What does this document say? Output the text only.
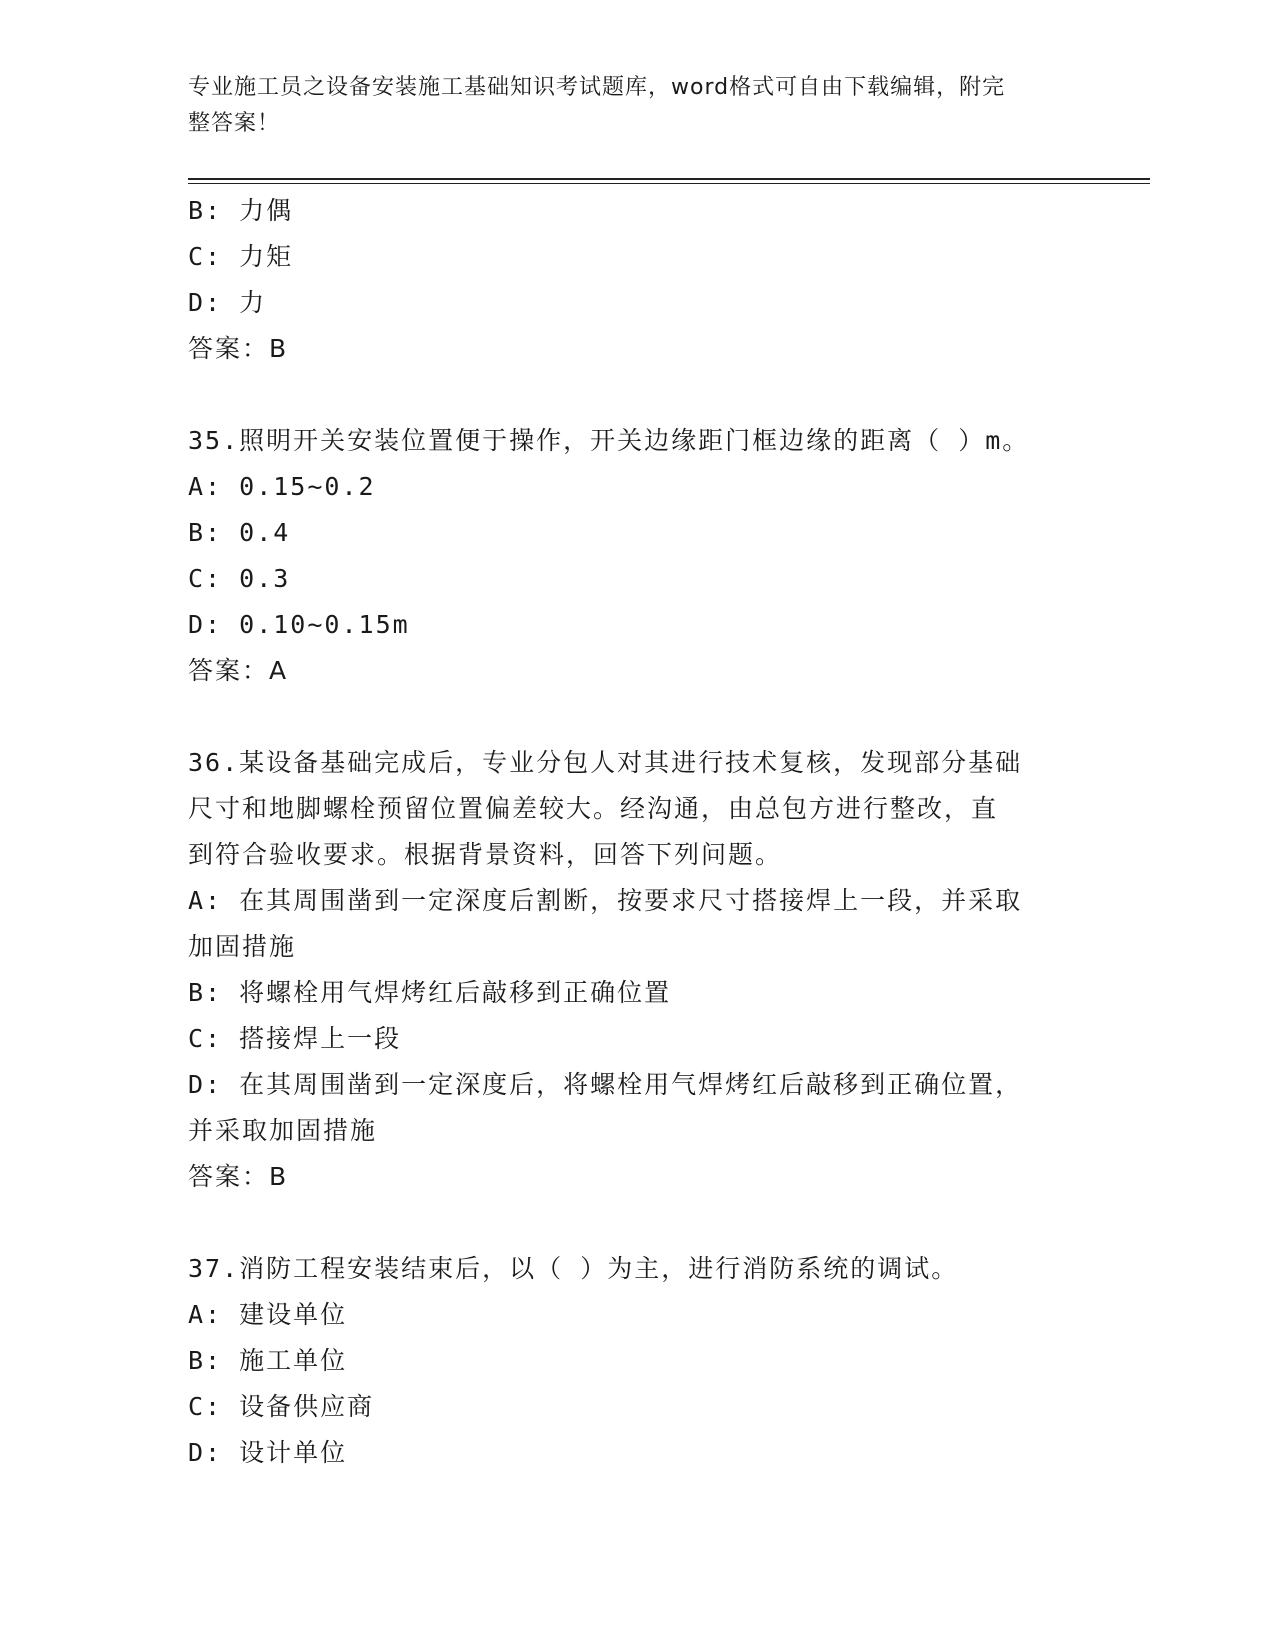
专业施工员之设备安装施工基础知识考试题库，word格式可自由下载编辑，附完
整答案！
B: 力偶
C: 力矩
D: 力
答案：B
35.照明开关安装位置便于操作，开关边缘距门框边缘的距离（ ）m。
A: 0.15~0.2
B: 0.4
C: 0.3
D: 0.10~0.15m
答案：A
36.某设备基础完成后，专业分包人对其进行技术复核，发现部分基础
尺寸和地脚螺栓预留位置偏差较大。经沟通，由总包方进行整改，直
到符合验收要求。根据背景资料，回答下列问题。
A: 在其周围凿到一定深度后割断，按要求尺寸搭接焊上一段，并采取
加固措施
B: 将螺栓用气焊烤红后敲移到正确位置
C: 搭接焊上一段
D: 在其周围凿到一定深度后，将螺栓用气焊烤红后敲移到正确位置，
并采取加固措施
答案：B
37.消防工程安装结束后，以（ ）为主，进行消防系统的调试。
A: 建设单位
B: 施工单位
C: 设备供应商
D: 设计单位
